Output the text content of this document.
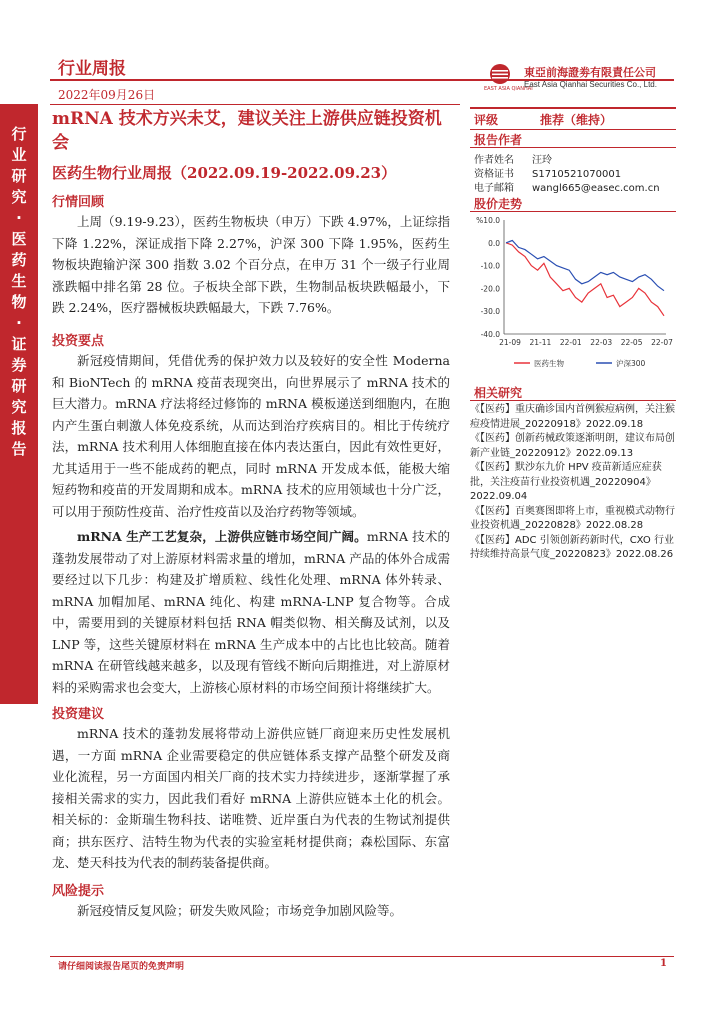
行业研究·医药生物·证券研究报告
行业周报
2022年09月26日	EAST ASIA QIANHAI
東亞前海證劵有限責任公司
East Asia Qianhai Securities Co., Ltd.
mRNA 技术方兴未艾，建议关注上游供应链投资机会
医药生物行业周报（2022.09.19-2022.09.23）
行情回顾
上周（9.19-9.23），医药生物板块（申万）下跌 4.97%，上证综指下降 1.22%，深证成指下降 2.27%，沪深 300 下降 1.95%，医药生物板块跑输沪深 300 指数 3.02 个百分点，在申万 31 个一级子行业周涨跌幅中排名第 28 位。子板块全部下跌，生物制品板块跌幅最小，下跌 2.24%，医疗器械板块跌幅最大，下跌 7.76%。
投资要点
新冠疫情期间，凭借优秀的保护效力以及较好的安全性 Moderna 和 BioNTech 的 mRNA 疫苗表现突出，向世界展示了 mRNA 技术的巨大潜力。mRNA 疗法将经过修饰的 mRNA 模板递送到细胞内，在胞内产生蛋白刺激人体免疫系统，从而达到治疗疾病目的。相比于传统疗法，mRNA 技术利用人体细胞直接在体内表达蛋白，因此有效性更好，尤其适用于一些不能成药的靶点，同时 mRNA 开发成本低，能极大缩短药物和疫苗的开发周期和成本。mRNA 技术的应用领域也十分广泛，可以用于预防性疫苗、治疗性疫苗以及治疗药物等领域。
mRNA 生产工艺复杂，上游供应链市场空间广阔。mRNA 技术的蓬勃发展带动了对上游原材料需求量的增加，mRNA 产品的体外合成需要经过以下几步：构建及扩增质粒、线性化处理、mRNA 体外转录、mRNA 加帽加尾、mRNA 纯化、构建 mRNA-LNP 复合物等。合成中，需要用到的关键原材料包括 RNA 帽类似物、相关酶及试剂，以及 LNP 等，这些关键原材料在 mRNA 生产成本中的占比也比较高。随着 mRNA 在研管线越来越多，以及现有管线不断向后期推进，对上游原材料的采购需求也会变大，上游核心原材料的市场空间预计将继续扩大。
投资建议
mRNA 技术的蓬勃发展将带动上游供应链厂商迎来历史性发展机遇，一方面 mRNA 企业需要稳定的供应链体系支撑产品整个研发及商业化流程，另一方面国内相关厂商的技术实力持续进步，逐渐掌握了承接相关需求的实力，因此我们看好 mRNA 上游供应链本土化的机会。相关标的：金斯瑞生物科技、诺唯赞、近岸蛋白为代表的生物试剂提供商；拱东医疗、洁特生物为代表的实验室耗材提供商；森松国际、东富龙、楚天科技为代表的制药装备提供商。
风险提示
新冠疫情反复风险；研发失败风险；市场竞争加剧风险等。
评级	推荐（维持）
报告作者
作者姓名 汪玲
资格证书 S1710521070001
电子邮箱 wangl665@easec.com.cn
股价走势
%10.0
0.0
-10.0
-20.0
-30.0
-40.0
21-09 21-11 22-01 22-03 22-05 22-07
医药生物	沪深300
相关研究

《【医药】重庆确诊国内首例猴痘病例，关注猴痘疫情进展_20220918》2022.09.18

《【医药】创新药械政策逐渐明朗，建议布局创新产业链_20220912》2022.09.13

《【医药】默沙东九价 HPV 疫苗新适应症获批，关注疫苗行业投资机遇_20220904》2022.09.04

《【医药】百奥赛图即将上市，重视模式动物行业投资机遇_20220828》2022.08.28

《【医药】ADC 引领创新药新时代，CXO 行业持续维持高景气度_20220823》2022.08.26

请仔细阅读报告尾页的免责声明	1
